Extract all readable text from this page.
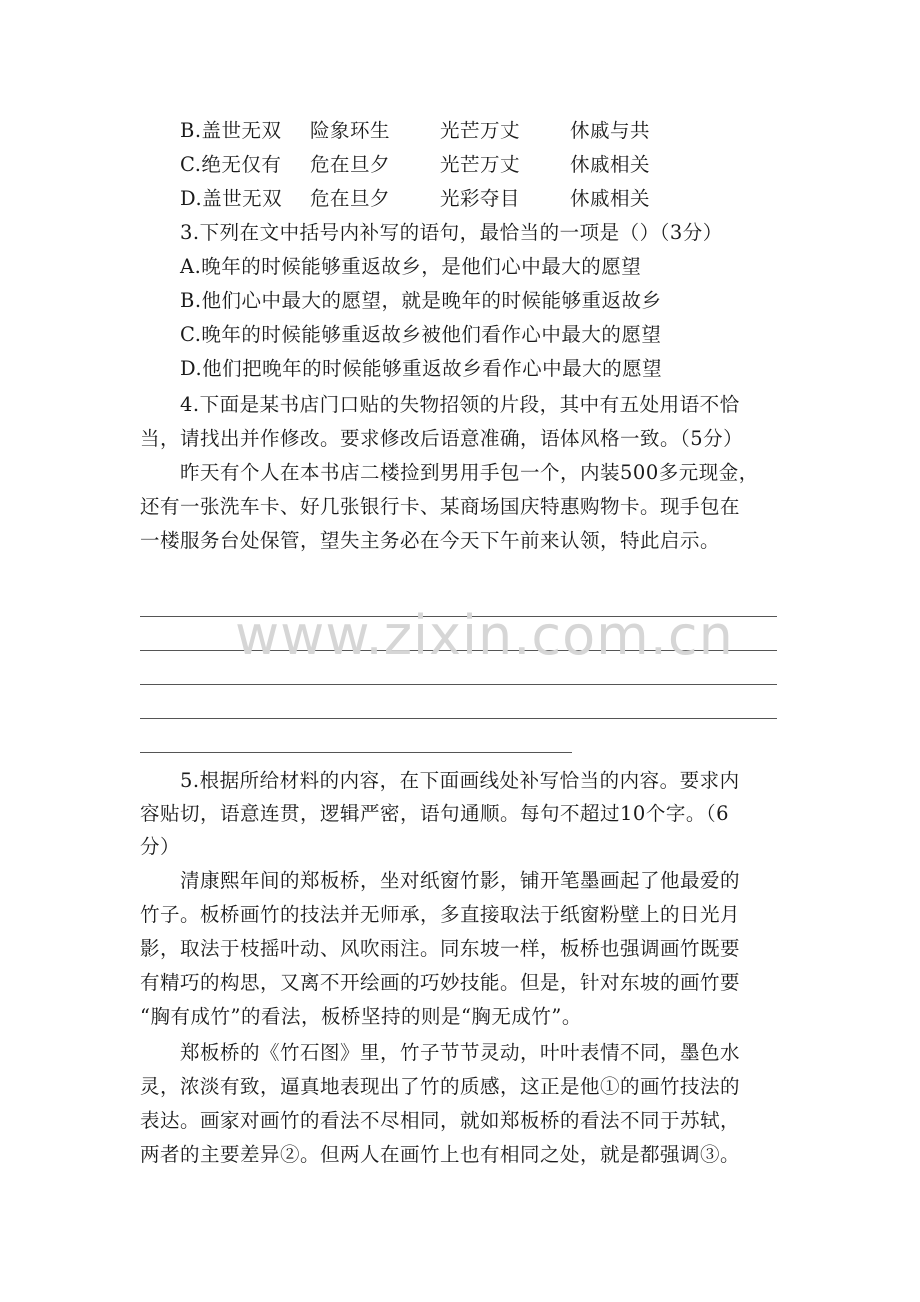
B.盖世无双	险象环生	光芒万丈	休戚与共
C.绝无仅有	危在旦夕	光芒万丈	休戚相关
D.盖世无双	危在旦夕	光彩夺目	休戚相关
3.下列在文中括号内补写的语句，最恰当的一项是（）（3分）
A.晚年的时候能够重返故乡，是他们心中最大的愿望
B.他们心中最大的愿望，就是晚年的时候能够重返故乡
C.晚年的时候能够重返故乡被他们看作心中最大的愿望
D.他们把晚年的时候能够重返故乡看作心中最大的愿望
4.下面是某书店门口贴的失物招领的片段，其中有五处用语不恰
当，请找出并作修改。要求修改后语意准确，语体风格一致。（5分）
昨天有个人在本书店二楼捡到男用手包一个，内装500多元现金，
还有一张洗车卡、好几张银行卡、某商场国庆特惠购物卡。现手包在
一楼服务台处保管，望失主务必在今天下午前来认领，特此启示。
www.zixin.com.cn
5.根据所给材料的内容，在下面画线处补写恰当的内容。要求内
容贴切，语意连贯，逻辑严密，语句通顺。每句不超过10个字。（6
分）
清康熙年间的郑板桥，坐对纸窗竹影，铺开笔墨画起了他最爱的
竹子。板桥画竹的技法并无师承，多直接取法于纸窗粉壁上的日光月
影，取法于枝摇叶动、风吹雨注。同东坡一样，板桥也强调画竹既要
有精巧的构思，又离不开绘画的巧妙技能。但是，针对东坡的画竹要
“胸有成竹”的看法，板桥坚持的则是“胸无成竹”。
郑板桥的《竹石图》里，竹子节节灵动，叶叶表情不同，墨色水
灵，浓淡有致，逼真地表现出了竹的质感，这正是他①的画竹技法的
表达。画家对画竹的看法不尽相同，就如郑板桥的看法不同于苏轼，
两者的主要差异②。但两人在画竹上也有相同之处，就是都强调③。
